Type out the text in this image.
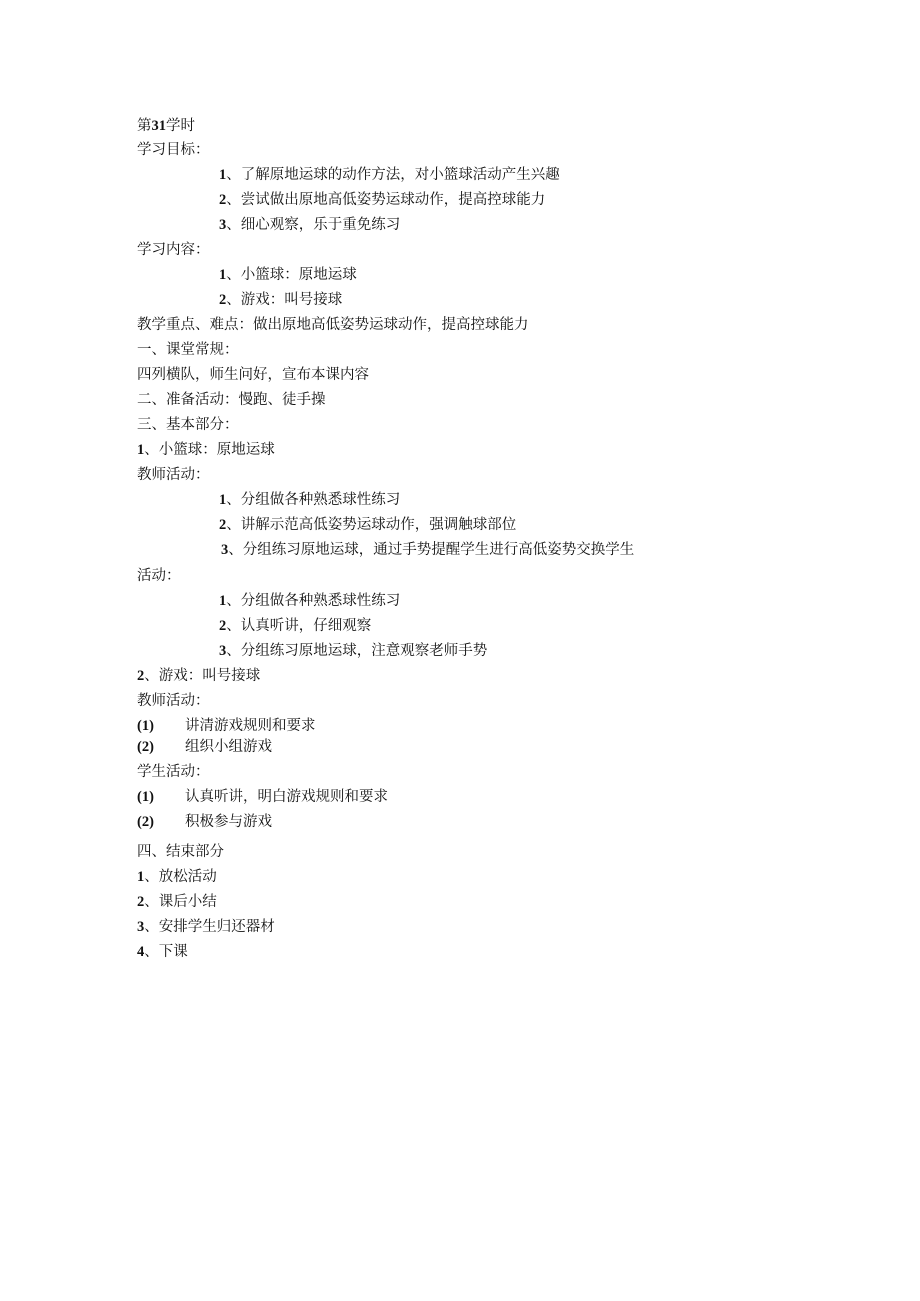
第31学时
学习目标：
1、了解原地运球的动作方法，对小篮球活动产生兴趣
2、尝试做出原地高低姿势运球动作，提高控球能力
3、细心观察，乐于重免练习
学习内容：
1、小篮球：原地运球
2、游戏：叫号接球
教学重点、难点：做出原地高低姿势运球动作，提高控球能力
一、课堂常规：
四列横队，师生问好，宣布本课内容
二、准备活动：慢跑、徒手操
三、基本部分：
1、小篮球：原地运球
教师活动：
1、分组做各种熟悉球性练习
2、讲解示范高低姿势运球动作，强调触球部位
3、分组练习原地运球，通过手势提醒学生进行高低姿势交换学生
活动：
1、分组做各种熟悉球性练习
2、认真听讲，仔细观察
3、分组练习原地运球，注意观察老师手势
2、游戏：叫号接球
教师活动：
(1) 讲清游戏规则和要求
(2) 组织小组游戏
学生活动：
(1) 认真听讲，明白游戏规则和要求
(2) 积极参与游戏
四、结束部分
1、放松活动
2、课后小结
3、安排学生归还器材
4、下课
